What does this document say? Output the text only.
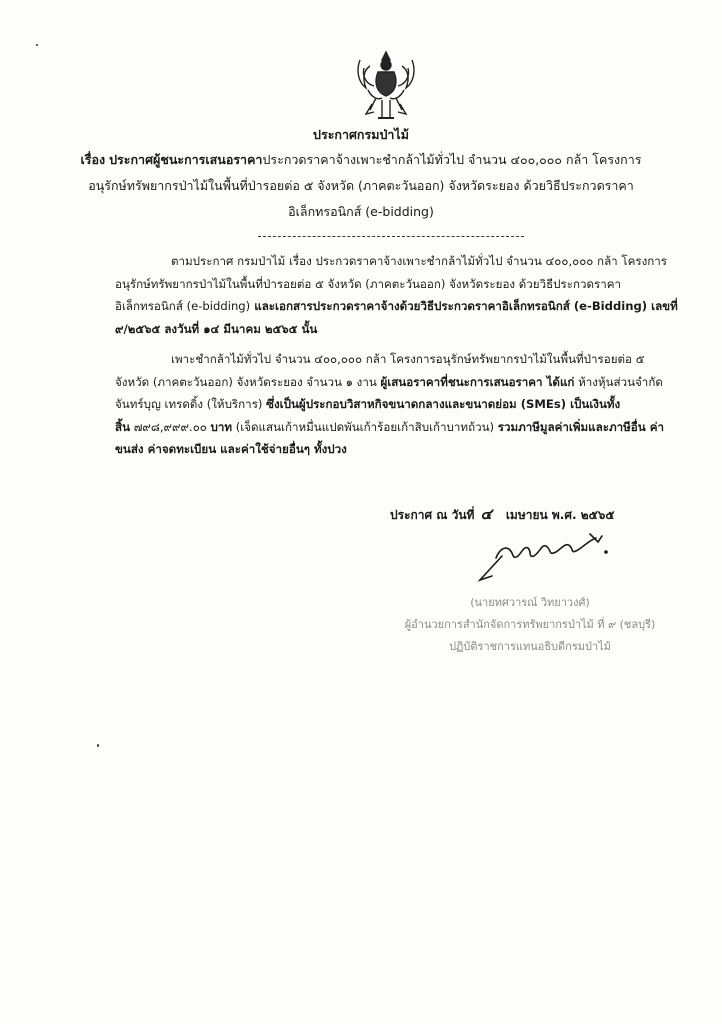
ประกาศกรมป่าไม้
เรื่อง ประกาศผู้ชนะการเสนอราคาประกวดราคาจ้างเพาะชำกล้าไม้ทั่วไป จำนวน ๔๐๐,๐๐๐ กล้า โครงการ
อนุรักษ์ทรัพยากรป่าไม้ในพื้นที่ป่ารอยต่อ ๕ จังหวัด (ภาคตะวันออก) จังหวัดระยอง ด้วยวิธีประกวดราคา
อิเล็กทรอนิกส์ (e-bidding)
ตามประกาศ กรมป่าไม้ เรื่อง ประกวดราคาจ้างเพาะชำกล้าไม้ทั่วไป จำนวน ๔๐๐,๐๐๐ กล้า โครงการ
อนุรักษ์ทรัพยากรป่าไม้ในพื้นที่ป่ารอยต่อ ๕ จังหวัด (ภาคตะวันออก) จังหวัดระยอง ด้วยวิธีประกวดราคา
อิเล็กทรอนิกส์ (e-bidding) และเอกสารประกวดราคาจ้างด้วยวิธีประกวดราคาอิเล็กทรอนิกส์ (e-Bidding) เลขที่
๙/๒๕๖๕ ลงวันที่ ๑๔ มีนาคม ๒๕๖๕ นั้น
เพาะชำกล้าไม้ทั่วไป จำนวน ๔๐๐,๐๐๐ กล้า โครงการอนุรักษ์ทรัพยากรป่าไม้ในพื้นที่ป่ารอยต่อ ๕
จังหวัด (ภาคตะวันออก) จังหวัดระยอง จำนวน ๑ งาน ผู้เสนอราคาที่ชนะการเสนอราคา ได้แก่ ห้างหุ้นส่วนจำกัด
จันทร์บุญ เทรดดิ้ง (ให้บริการ) ซึ่งเป็นผู้ประกอบวิสาหกิจขนาดกลางและขนาดย่อม (SMEs) เป็นเงินทั้ง
สิ้น ๗๙๘,๙๙๙.๐๐ บาท (เจ็ดแสนเก้าหมื่นแปดพันเก้าร้อยเก้าสิบเก้าบาทถ้วน) รวมภาษีมูลค่าเพิ่มและภาษีอื่น ค่า
ขนส่ง ค่าจดทะเบียน และค่าใช้จ่ายอื่นๆ ทั้งปวง
ประกาศ ณ วันที่ ๔ เมษายน พ.ศ. ๒๕๖๕
(นายทศวารณ์ วิทยาวงศ์)
ผู้อำนวยการสำนักจัดการทรัพยากรป่าไม้ ที่ ๙ (ชลบุรี)
ปฏิบัติราชการแทนอธิบดีกรมป่าไม้
